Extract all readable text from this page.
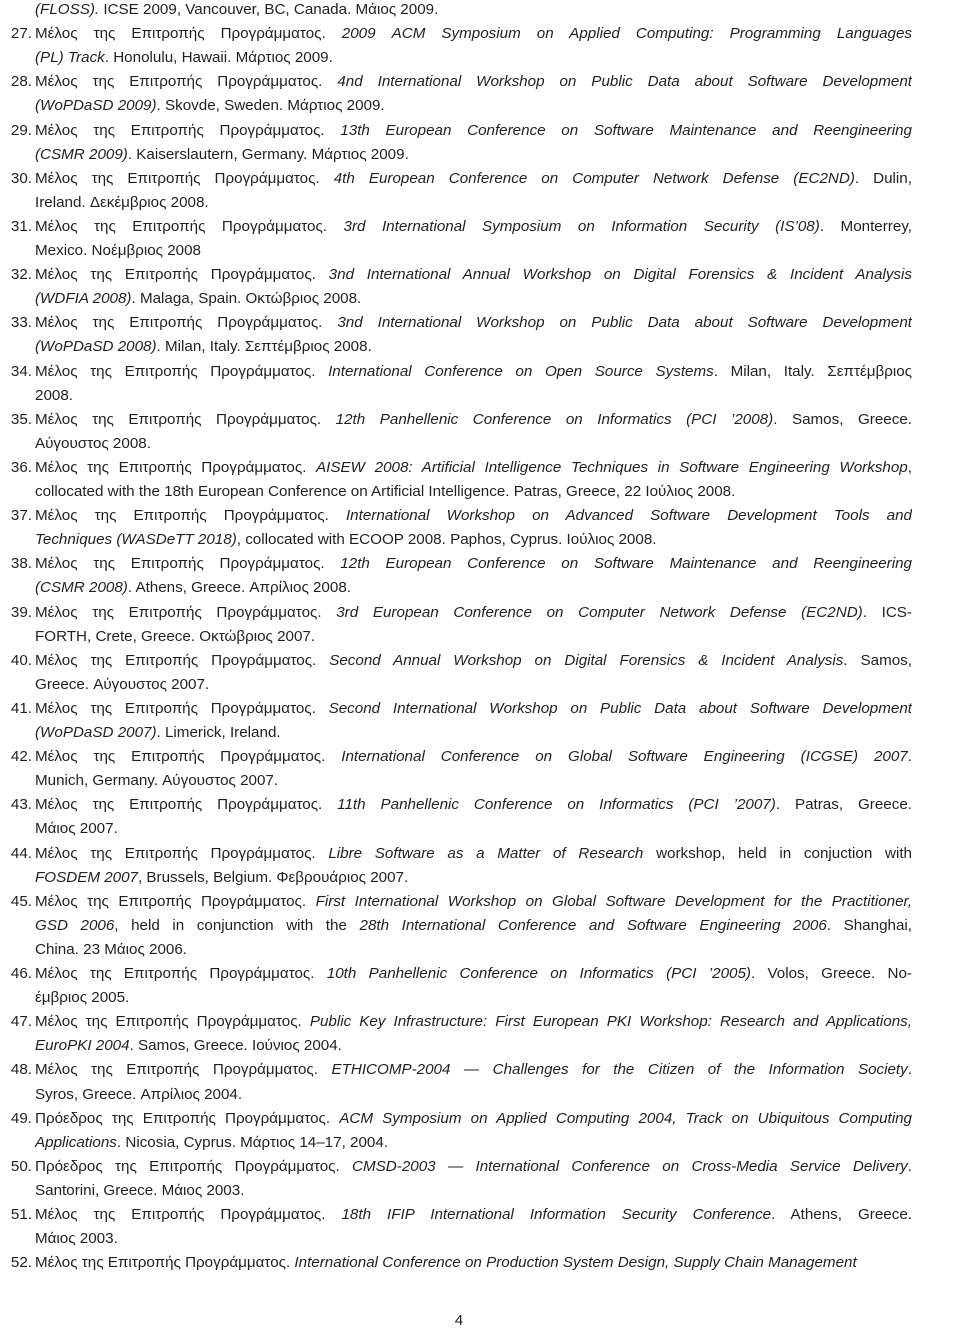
(FLOSS). ICSE 2009, Vancouver, BC, Canada. Μάιος 2009.
27. Μέλος της Επιτροπής Προγράμματος. 2009 ACM Symposium on Applied Computing: Programming Languages
(PL) Track. Honolulu, Hawaii. Μάρτιος 2009.
28. Μέλος της Επιτροπής Προγράμματος. 4nd International Workshop on Public Data about Software Development
(WoPDaSD 2009). Skovde, Sweden. Μάρτιος 2009.
29. Μέλος της Επιτροπής Προγράμματος. 13th European Conference on Software Maintenance and Reengineering
(CSMR 2009). Kaiserslautern, Germany. Μάρτιος 2009.
30. Μέλος της Επιτροπής Προγράμματος. 4th European Conference on Computer Network Defense (EC2ND). Dulin,
Ireland. Δεκέμβριος 2008.
31. Μέλος της Επιτροπής Προγράμματος. 3rd International Symposium on Information Security (IS’08). Monterrey,
Mexico. Νοέμβριος 2008
32. Μέλος της Επιτροπής Προγράμματος. 3nd International Annual Workshop on Digital Forensics & Incident Analysis
(WDFIA 2008). Malaga, Spain. Οκτώβριος 2008.
33. Μέλος της Επιτροπής Προγράμματος. 3nd International Workshop on Public Data about Software Development
(WoPDaSD 2008). Milan, Italy. Σεπτέμβριος 2008.
34. Μέλος της Επιτροπής Προγράμματος. International Conference on Open Source Systems. Milan, Italy. Σεπτέμβριος
2008.
35. Μέλος της Επιτροπής Προγράμματος. 12th Panhellenic Conference on Informatics (PCI ’2008). Samos, Greece.
Αύγουστος 2008.
36. Μέλος της Επιτροπής Προγράμματος. AISEW 2008: Artificial Intelligence Techniques in Software Engineering Workshop,
collocated with the 18th European Conference on Artificial Intelligence. Patras, Greece, 22 Ιούλιος 2008.
37. Μέλος της Επιτροπής Προγράμματος. International Workshop on Advanced Software Development Tools and
Techniques (WASDeTT 2018), collocated with ECOOP 2008. Paphos, Cyprus. Ιούλιος 2008.
38. Μέλος της Επιτροπής Προγράμματος. 12th European Conference on Software Maintenance and Reengineering
(CSMR 2008). Athens, Greece. Απρίλιος 2008.
39. Μέλος της Επιτροπής Προγράμματος. 3rd European Conference on Computer Network Defense (EC2ND). ICS-
FORTH, Crete, Greece. Οκτώβριος 2007.
40. Μέλος της Επιτροπής Προγράμματος. Second Annual Workshop on Digital Forensics & Incident Analysis. Samos,
Greece. Αύγουστος 2007.
41. Μέλος της Επιτροπής Προγράμματος. Second International Workshop on Public Data about Software Development
(WoPDaSD 2007). Limerick, Ireland.
42. Μέλος της Επιτροπής Προγράμματος. International Conference on Global Software Engineering (ICGSE) 2007.
Munich, Germany. Αύγουστος 2007.
43. Μέλος της Επιτροπής Προγράμματος. 11th Panhellenic Conference on Informatics (PCI ’2007). Patras, Greece.
Μάιος 2007.
44. Μέλος της Επιτροπής Προγράμματος. Libre Software as a Matter of Research workshop, held in conjuction with
FOSDEM 2007, Brussels, Belgium. Φεβρουάριος 2007.
45. Μέλος της Επιτροπής Προγράμματος. First International Workshop on Global Software Development for the Practitioner,
GSD 2006, held in conjunction with the 28th International Conference and Software Engineering 2006. Shanghai,
China. 23 Μάιος 2006.
46. Μέλος της Επιτροπής Προγράμματος. 10th Panhellenic Conference on Informatics (PCI ’2005). Volos, Greece. No-
έμβριος 2005.
47. Μέλος της Επιτροπής Προγράμματος. Public Key Infrastructure: First European PKI Workshop: Research and Applications,
EuroPKI 2004. Samos, Greece. Ιούνιος 2004.
48. Μέλος της Επιτροπής Προγράμματος. ETHICOMP-2004 — Challenges for the Citizen of the Information Society.
Syros, Greece. Απρίλιος 2004.
49. Πρόεδρος της Επιτροπής Προγράμματος. ACM Symposium on Applied Computing 2004, Track on Ubiquitous Computing
Applications. Nicosia, Cyprus. Μάρτιος 14–17, 2004.
50. Πρόεδρος της Επιτροπής Προγράμματος. CMSD-2003 — International Conference on Cross-Media Service Delivery.
Santorini, Greece. Μάιος 2003.
51. Μέλος της Επιτροπής Προγράμματος. 18th IFIP International Information Security Conference. Athens, Greece.
Μάιος 2003.
52. Μέλος της Επιτροπής Προγράμματος. International Conference on Production System Design, Supply Chain Management
4
